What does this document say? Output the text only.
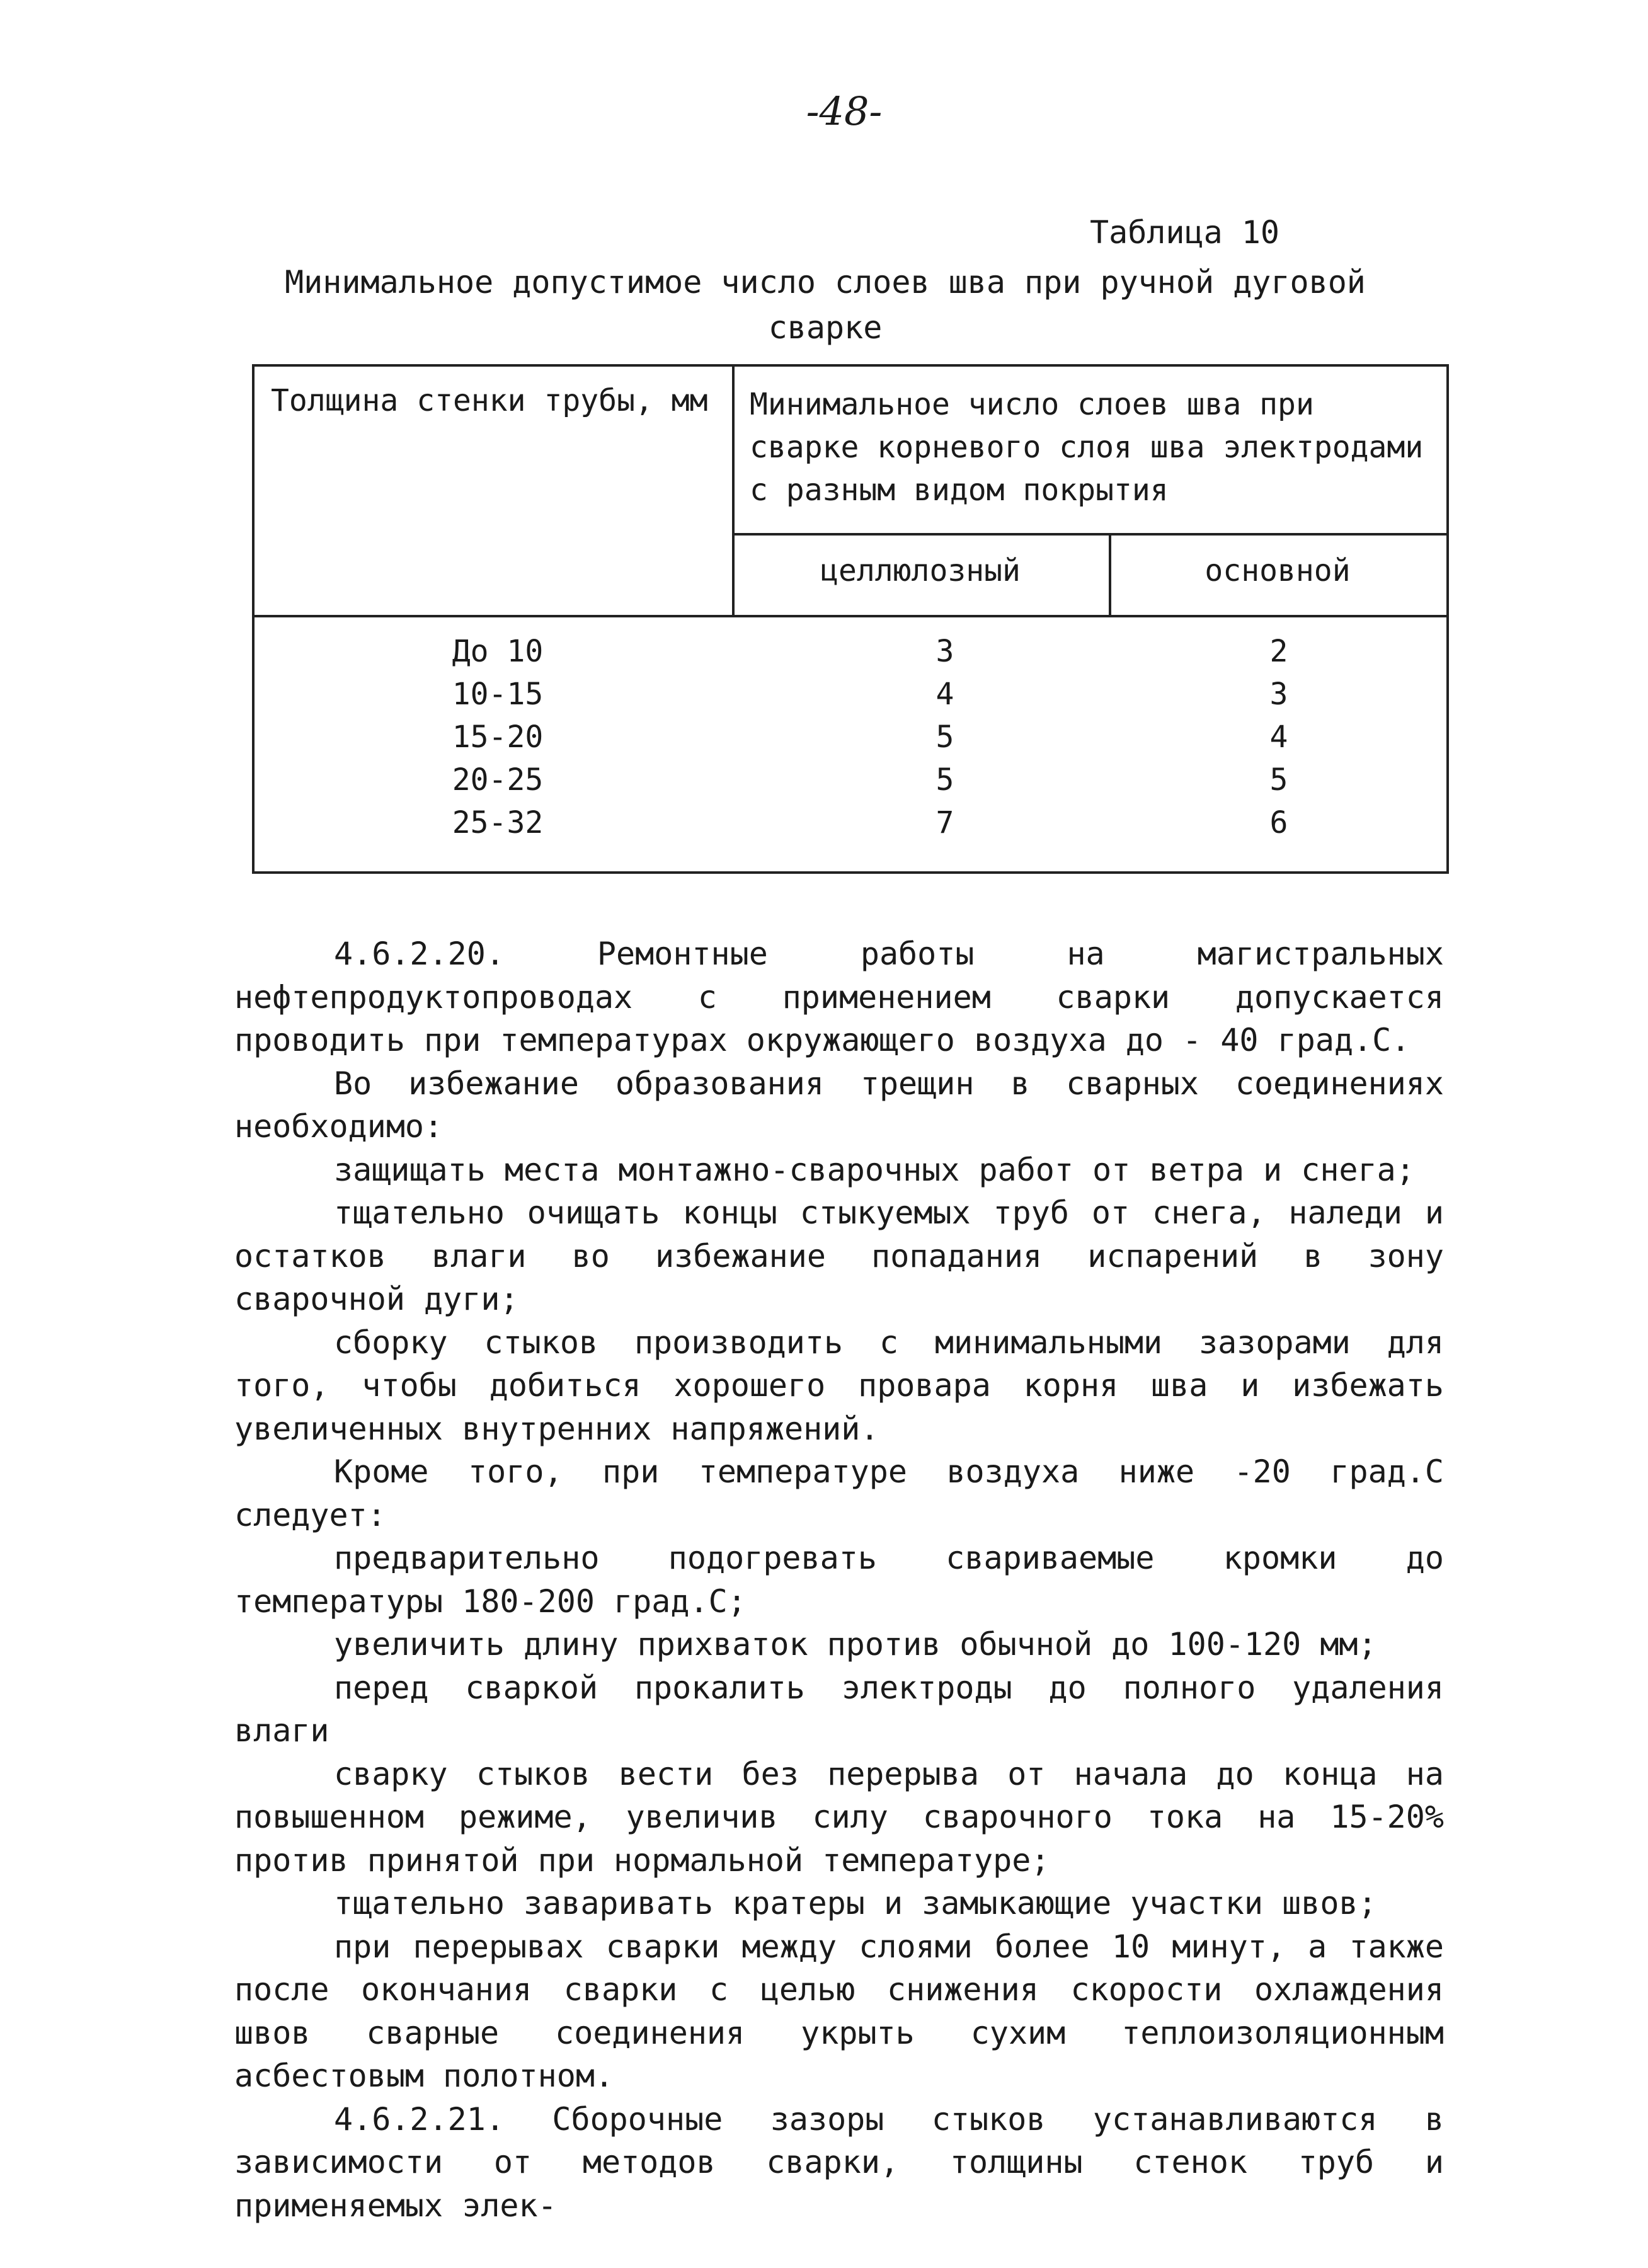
-48-
Таблица 10
Минимальное допустимое число слоев шва при ручной дуговой сварке
Толщина стенки трубы, мм	Минимальное число слоев шва при сварке корневого слоя шва электродами с разным видом покрытия
целлюлозный	основной
До 10	3	2
10-15	4	3
15-20	5	4
20-25	5	5
25-32	7	6

4.6.2.20. Ремонтные работы на магистральных нефтепродуктопроводах с применением сварки допускается проводить при температурах окружающего воздуха до - 40 град.С.

Во избежание образования трещин в сварных соединениях необходимо:

защищать места монтажно-сварочных работ от ветра и снега;

тщательно очищать концы стыкуемых труб от снега, наледи и остатков влаги во избежание попадания испарений в зону сварочной дуги;

сборку стыков производить с минимальными зазорами для того, чтобы добиться хорошего провара корня шва и избежать увеличенных внутренних напряжений.

Кроме того, при температуре воздуха ниже -20 град.С следует:

предварительно подогревать свариваемые кромки до температуры 180-200 град.С;

увеличить длину прихваток против обычной до 100-120 мм;

перед сваркой прокалить электроды до полного удаления влаги

сварку стыков вести без перерыва от начала до конца на повышенном режиме, увеличив силу сварочного тока на 15-20% против принятой при нормальной температуре;

тщательно заваривать кратеры и замыкающие участки швов;

при перерывах сварки между слоями более 10 минут, а также после окончания сварки с целью снижения скорости охлаждения швов сварные соединения укрыть сухим теплоизоляционным асбестовым полотном.

4.6.2.21. Сборочные зазоры стыков устанавливаются в зависимости от методов сварки, толщины стенок труб и применяемых элек-
